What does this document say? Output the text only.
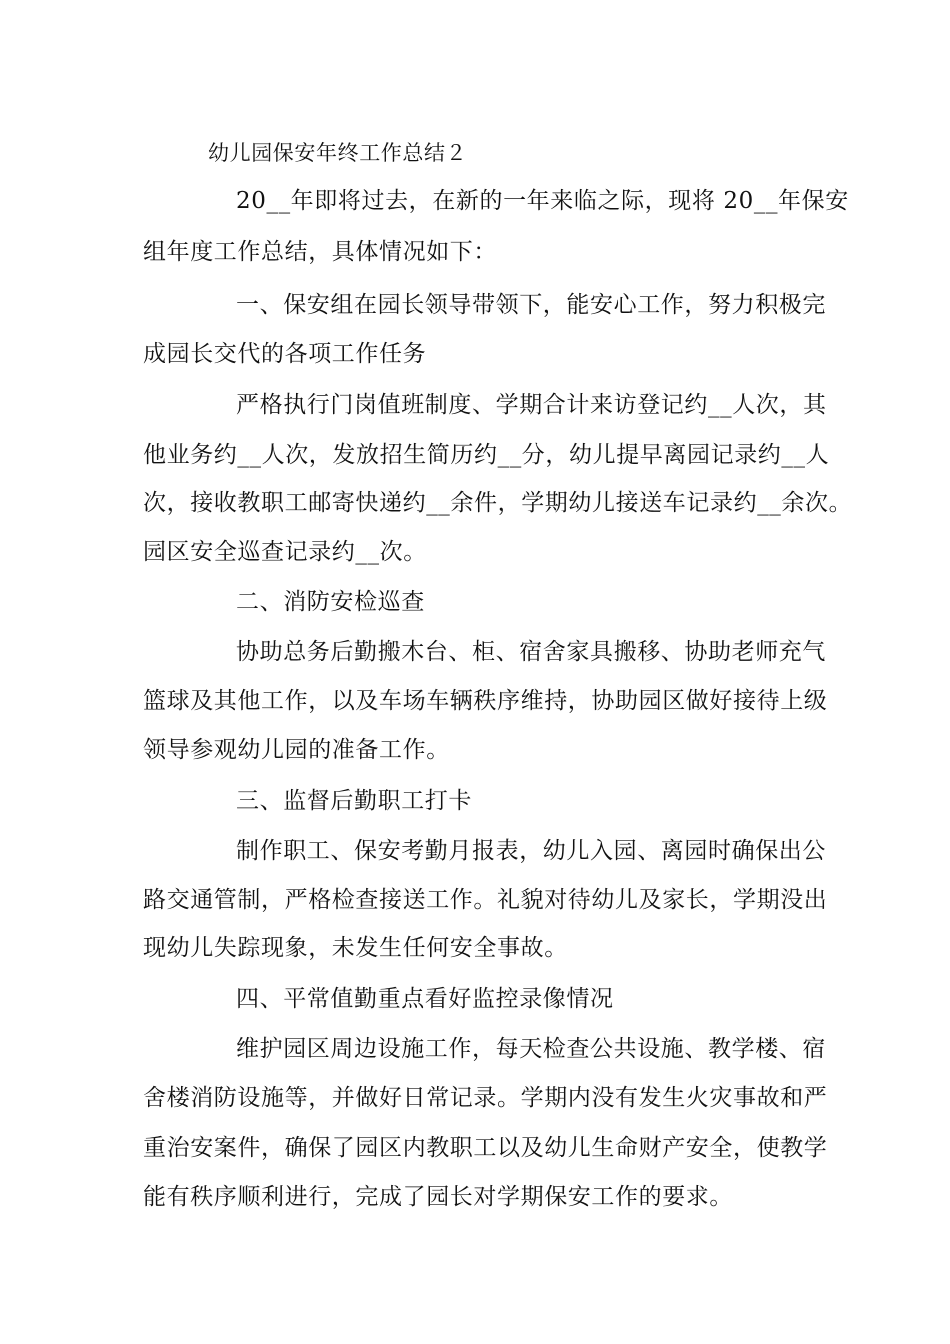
幼儿园保安年终工作总结２
20__年即将过去，在新的一年来临之际，现将 20__年保安
组年度工作总结，具体情况如下：
一、保安组在园长领导带领下，能安心工作，努力积极完
成园长交代的各项工作任务
严格执行门岗值班制度、学期合计来访登记约__人次，其
他业务约__人次，发放招生简历约__分，幼儿提早离园记录约__人
次，接收教职工邮寄快递约__余件，学期幼儿接送车记录约__余次。
园区安全巡查记录约__次。
二、消防安检巡查
协助总务后勤搬木台、柜、宿舍家具搬移、协助老师充气
篮球及其他工作，以及车场车辆秩序维持，协助园区做好接待上级
领导参观幼儿园的准备工作。
三、监督后勤职工打卡
制作职工、保安考勤月报表，幼儿入园、离园时确保出公
路交通管制，严格检查接送工作。礼貌对待幼儿及家长，学期没出
现幼儿失踪现象，未发生任何安全事故。
四、平常值勤重点看好监控录像情况
维护园区周边设施工作，每天检查公共设施、教学楼、宿
舍楼消防设施等，并做好日常记录。学期内没有发生火灾事故和严
重治安案件，确保了园区内教职工以及幼儿生命财产安全，使教学
能有秩序顺利进行，完成了园长对学期保安工作的要求。
